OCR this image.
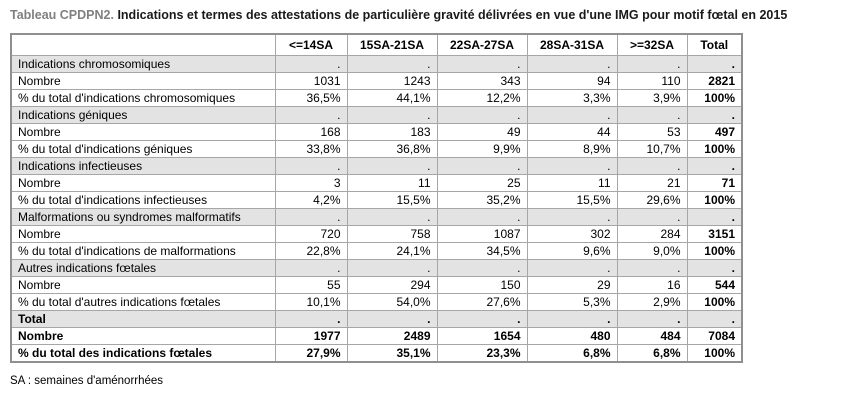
Tableau CPDPN2. Indications et termes des attestations de particulière gravité délivrées en vue d'une IMG pour motif fœtal en 2015
	<=14SA	15SA-21SA	22SA-27SA	28SA-31SA	>=32SA	Total
Indications chromosomiques	.	.	.	.	.	.
Nombre	1031	1243	343	94	110	2821
% du total d'indications chromosomiques	36,5%	44,1%	12,2%	3,3%	3,9%	100%
Indications géniques	.	.	.	.	.	.
Nombre	168	183	49	44	53	497
% du total d'indications géniques	33,8%	36,8%	9,9%	8,9%	10,7%	100%
Indications infectieuses	.	.	.	.	.	.
Nombre	3	11	25	11	21	71
% du total d'indications infectieuses	4,2%	15,5%	35,2%	15,5%	29,6%	100%
Malformations ou syndromes malformatifs	.	.	.	.	.	.
Nombre	720	758	1087	302	284	3151
% du total d'indications de malformations	22,8%	24,1%	34,5%	9,6%	9,0%	100%
Autres indications fœtales	.	.	.	.	.	.
Nombre	55	294	150	29	16	544
% du total d'autres indications fœtales	10,1%	54,0%	27,6%	5,3%	2,9%	100%
Total	.	.	.	.	.	.
Nombre	1977	2489	1654	480	484	7084
% du total des indications fœtales	27,9%	35,1%	23,3%	6,8%	6,8%	100%
SA : semaines d'aménorrhées
